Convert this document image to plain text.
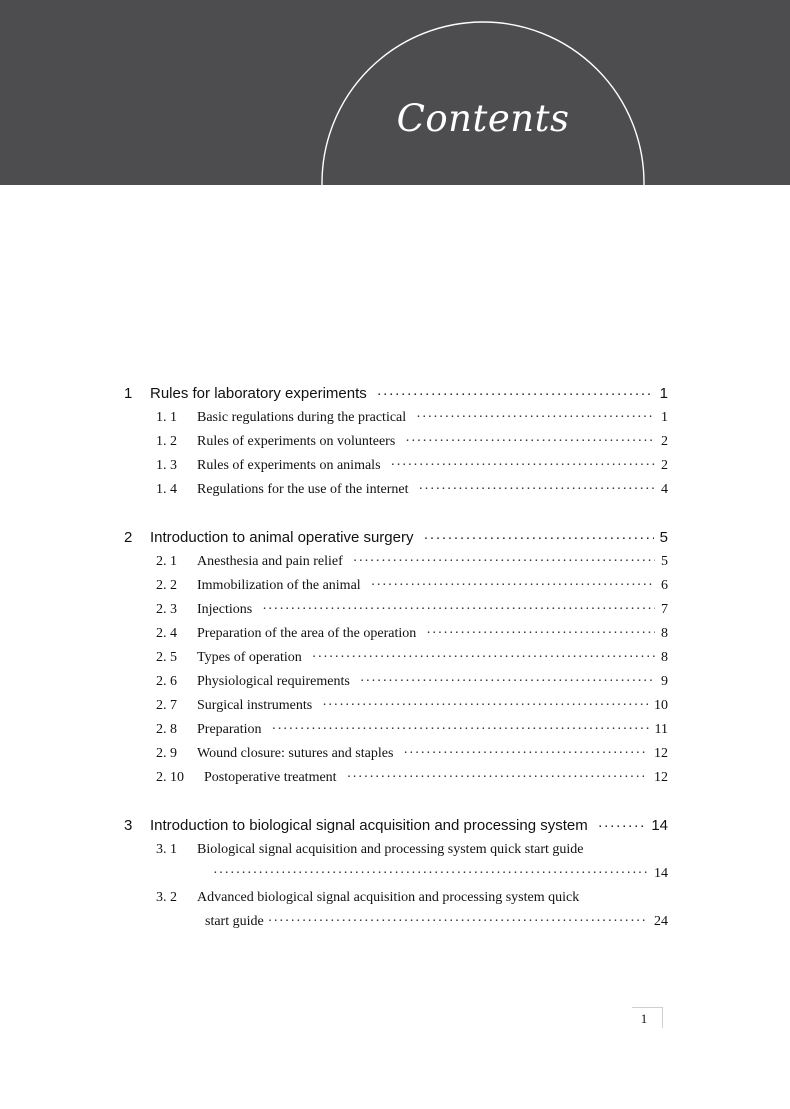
Contents
1	Rules for laboratory experiments ·····	1
1. 1	Basic regulations during the practical ·····	1
1. 2	Rules of experiments on volunteers ·····	2
1. 3	Rules of experiments on animals ·····	2
1. 4	Regulations for the use of the internet ·····	4
2	Introduction to animal operative surgery ·····	5
2. 1	Anesthesia and pain relief ·····	5
2. 2	Immobilization of the animal ·····	6
2. 3	Injections ·····	7
2. 4	Preparation of the area of the operation ·····	8
2. 5	Types of operation ·····	8
2. 6	Physiological requirements ·····	9
2. 7	Surgical instruments ·····	10
2. 8	Preparation ·····	11
2. 9	Wound closure: sutures and staples ·····	12
2. 10	Postoperative treatment ·····	12
3	Introduction to biological signal acquisition and processing system ·····	14
3. 1 Biological signal acquisition and processing system quick start guide
·····
14
3. 2 Advanced biological signal acquisition and processing system quick
start guide ·····	24
1
